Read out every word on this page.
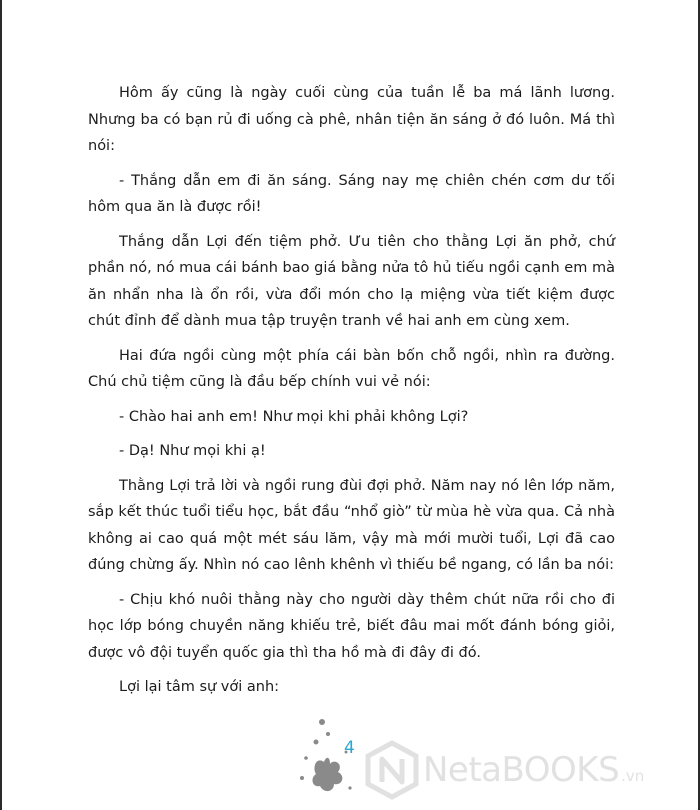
Hôm ấy cũng là ngày cuối cùng của tuần lễ ba má lãnh lương. Nhưng ba có bạn rủ đi uống cà phê, nhân tiện ăn sáng ở đó luôn. Má thì nói:

- Thắng dẫn em đi ăn sáng. Sáng nay mẹ chiên chén cơm dư tối hôm qua ăn là được rồi!

Thắng dẫn Lợi đến tiệm phở. Ưu tiên cho thằng Lợi ăn phở, chứ phần nó, nó mua cái bánh bao giá bằng nửa tô hủ tiếu ngồi cạnh em mà ăn nhẩn nha là ổn rồi, vừa đổi món cho lạ miệng vừa tiết kiệm được chút đỉnh để dành mua tập truyện tranh về hai anh em cùng xem.

Hai đứa ngồi cùng một phía cái bàn bốn chỗ ngồi, nhìn ra đường. Chú chủ tiệm cũng là đầu bếp chính vui vẻ nói:

- Chào hai anh em! Như mọi khi phải không Lợi?

- Dạ! Như mọi khi ạ!

Thằng Lợi trả lời và ngồi rung đùi đợi phở. Năm nay nó lên lớp năm, sắp kết thúc tuổi tiểu học, bắt đầu “nhổ giò” từ mùa hè vừa qua. Cả nhà không ai cao quá một mét sáu lăm, vậy mà mới mười tuổi, Lợi đã cao đúng chừng ấy. Nhìn nó cao lênh khênh vì thiếu bề ngang, có lần ba nói:

- Chịu khó nuôi thằng này cho người dày thêm chút nữa rồi cho đi học lớp bóng chuyền năng khiếu trẻ, biết đâu mai mốt đánh bóng giỏi, được vô đội tuyển quốc gia thì tha hồ mà đi đây đi đó.

Lợi lại tâm sự với anh:

4
NetaBOOKS .vn
